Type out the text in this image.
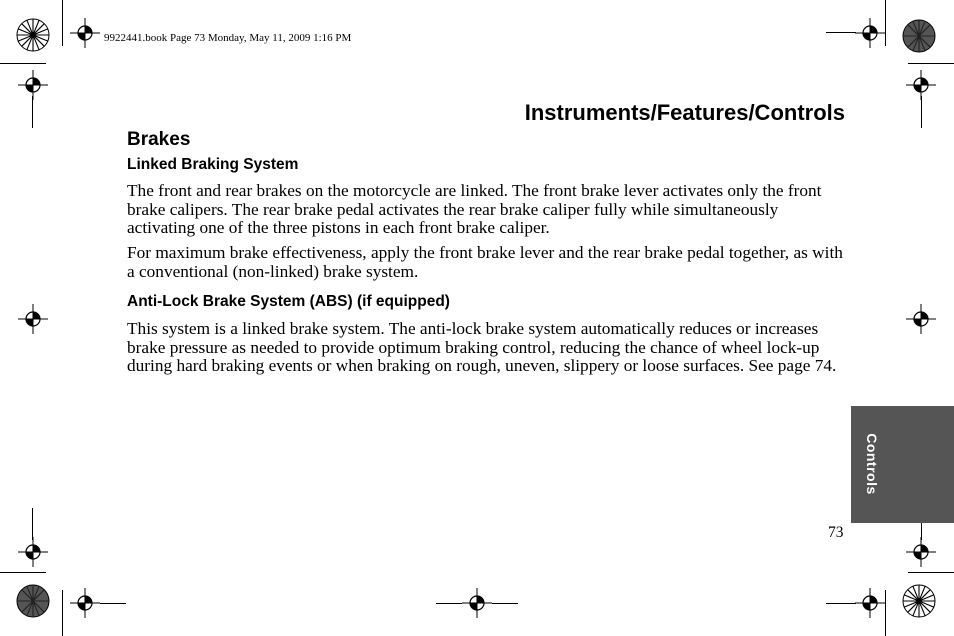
9922441.book Page 73 Monday, May 11, 2009 1:16 PM
Instruments/Features/Controls
Brakes
Linked Braking System

The front and rear brakes on the motorcycle are linked. The front brake lever activates only the front brake calipers. The rear brake pedal activates the rear brake caliper fully while simultaneously activating one of the three pistons in each front brake caliper.

For maximum brake effectiveness, apply the front brake lever and the rear brake pedal together, as with a conventional (non-linked) brake system.

Anti-Lock Brake System (ABS) (if equipped)

This system is a linked brake system. The anti-lock brake system automatically reduces or increases brake pressure as needed to provide optimum braking control, reducing the chance of wheel lock-up during hard braking events or when braking on rough, uneven, slippery or loose surfaces. See page 74.

Controls
73
